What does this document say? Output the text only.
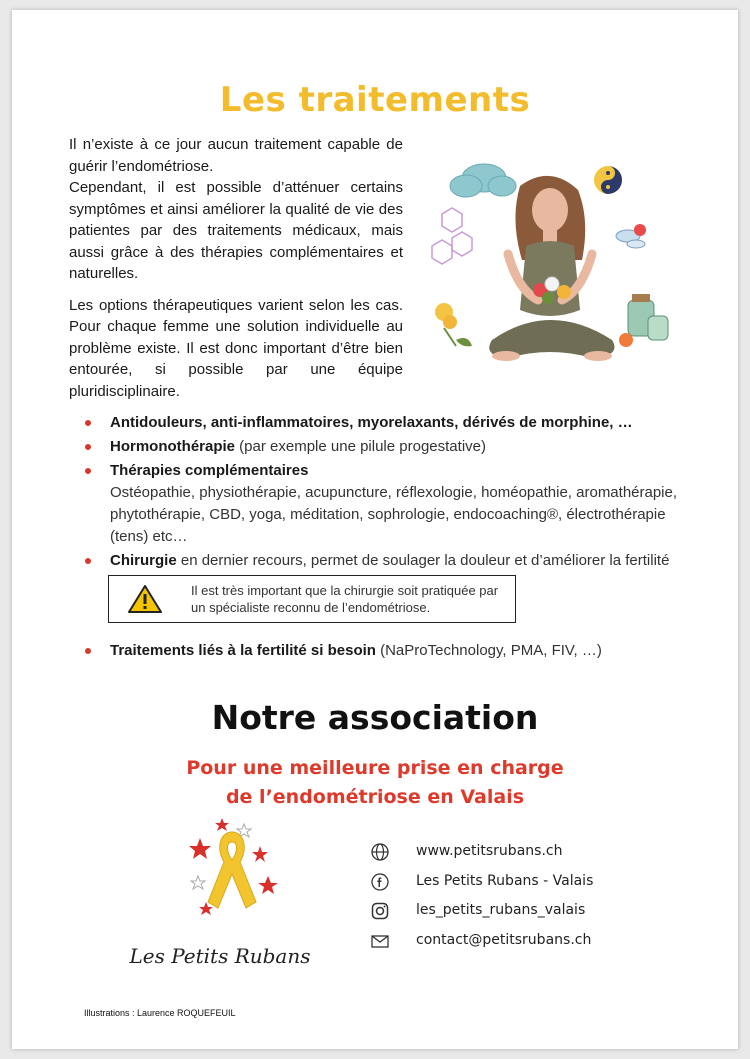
Les traitements

Il n’existe à ce jour aucun traitement capable de guérir l’endométriose.
Cependant, il est possible d’atténuer certains symptômes et ainsi améliorer la qualité de vie des patientes par des traitements médicaux, mais aussi grâce à des thérapies complémentaires et naturelles.

Les options thérapeutiques varient selon les cas. Pour chaque femme une solution individuelle au problème existe. Il est donc important d’être bien entourée, si possible par une équipe pluridisciplinaire.

Antidouleurs, anti-inflammatoires, myorelaxants, dérivés de morphine, …
Hormonothérapie (par exemple une pilule progestative)
Thérapies complémentaires
Ostéopathie, physiothérapie, acupuncture, réflexologie, homéopathie, aromathérapie, phytothérapie, CBD, yoga, méditation, sophrologie, endocoaching®, électrothérapie (tens) etc…
Chirurgie en dernier recours, permet de soulager la douleur et d’améliorer la fertilité
Traitements liés à la fertilité si besoin (NaProTechnology, PMA, FIV, …)
Il est très important que la chirurgie soit pratiquée par un spécialiste reconnu de l’endométriose.
Notre association
Pour une meilleure prise en charge
de l’endométriose en Valais
Les Petits Rubans
www.petitsrubans.ch
Les Petits Rubans - Valais
les_petits_rubans_valais
contact@petitsrubans.ch
Illustrations : Laurence ROQUEFEUIL
